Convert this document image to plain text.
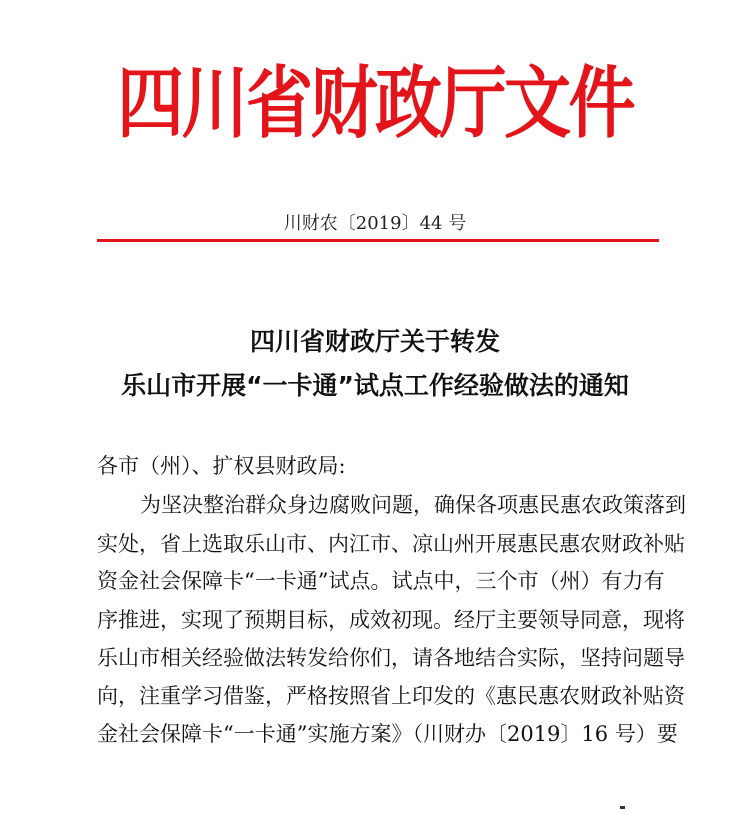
四川省财政厅文件
川财农〔2019〕44 号
四川省财政厅关于转发
乐山市开展“一卡通”试点工作经验做法的通知
各市（州）、扩权县财政局:
为坚决整治群众身边腐败问题，确保各项惠民惠农政策落到
实处，省上选取乐山市、内江市、凉山州开展惠民惠农财政补贴
资金社会保障卡“一卡通”试点。试点中，三个市（州）有力有
序推进，实现了预期目标，成效初现。经厅主要领导同意，现将
乐山市相关经验做法转发给你们，请各地结合实际，坚持问题导
向，注重学习借鉴，严格按照省上印发的《惠民惠农财政补贴资
金社会保障卡“一卡通”实施方案》（川财办〔2019〕16 号）要
